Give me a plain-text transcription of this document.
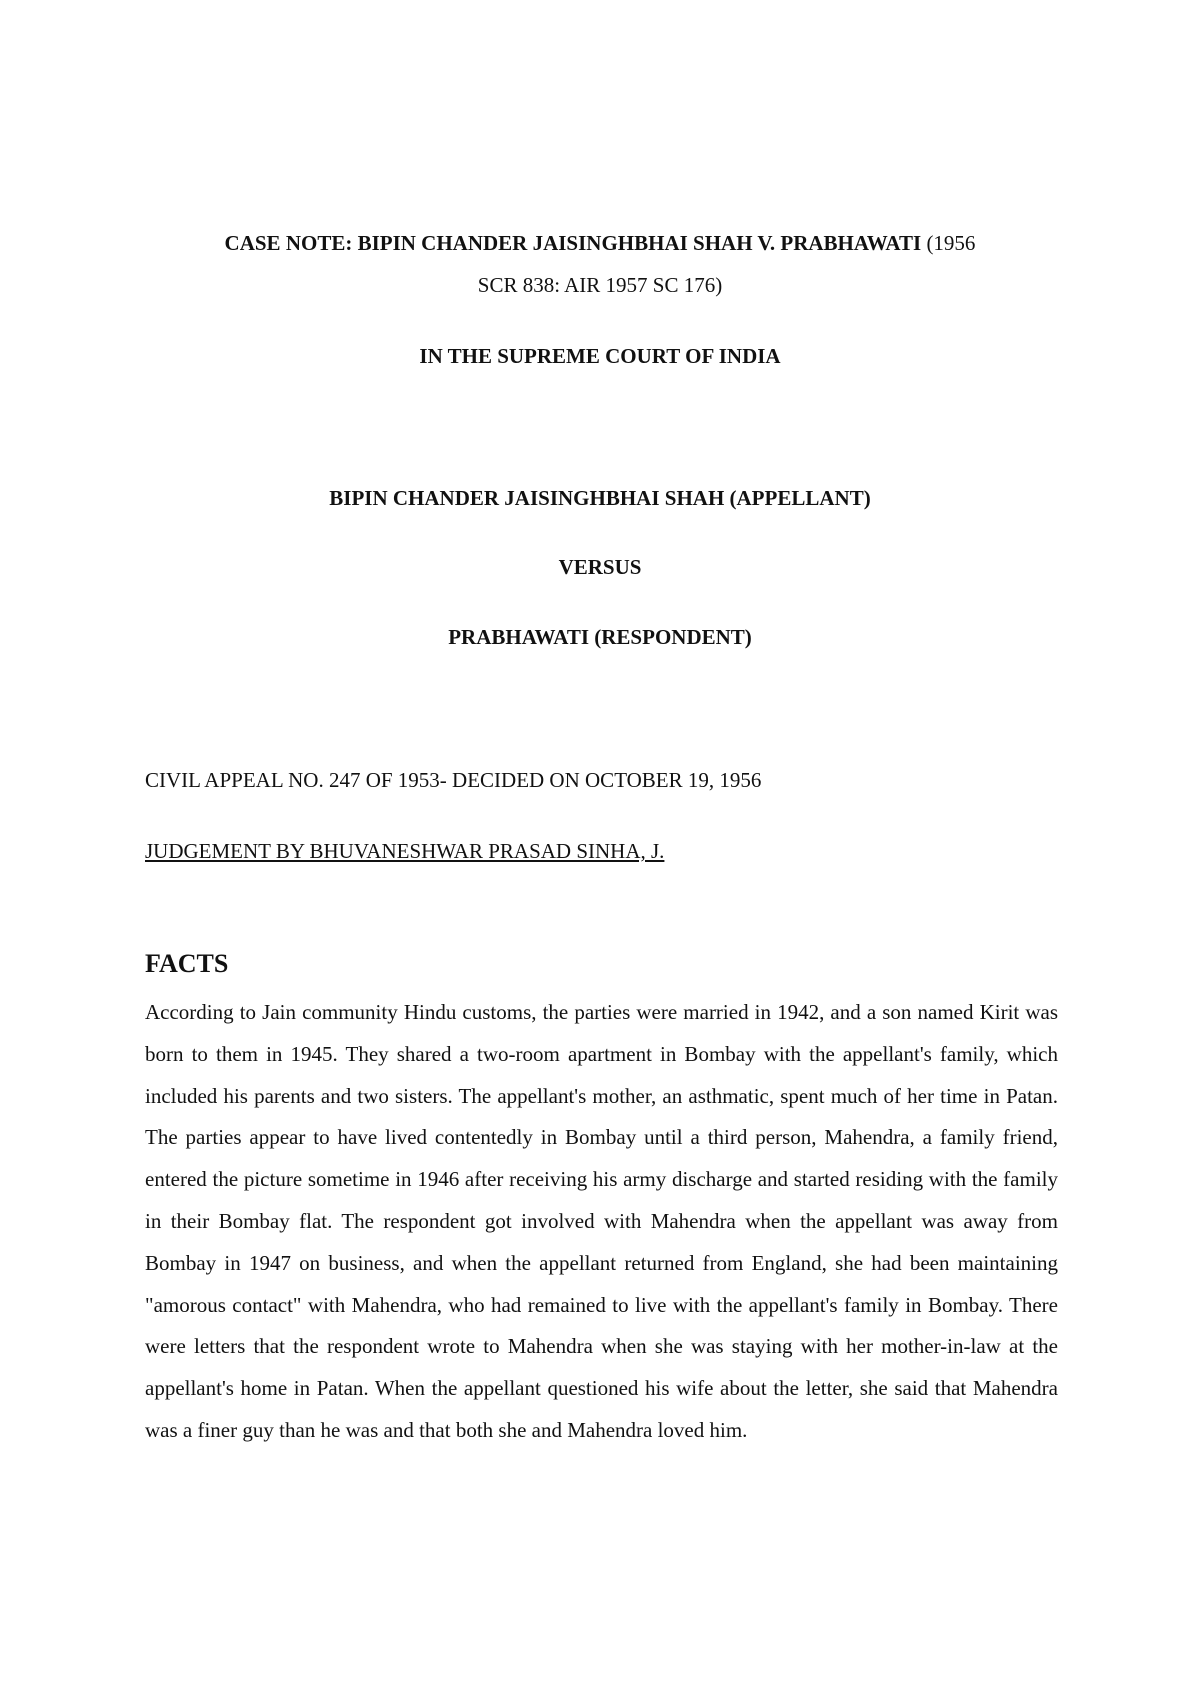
CASE NOTE: BIPIN CHANDER JAISINGHBHAI SHAH V. PRABHAWATI (1956
SCR 838: AIR 1957 SC 176)
IN THE SUPREME COURT OF INDIA
BIPIN CHANDER JAISINGHBHAI SHAH (APPELLANT)
VERSUS
PRABHAWATI (RESPONDENT)
CIVIL APPEAL NO. 247 OF 1953- DECIDED ON OCTOBER 19, 1956
JUDGEMENT BY BHUVANESHWAR PRASAD SINHA, J.
FACTS
According to Jain community Hindu customs, the parties were married in 1942, and a son named Kirit was born to them in 1945. They shared a two-room apartment in Bombay with the appellant's family, which included his parents and two sisters. The appellant's mother, an asthmatic, spent much of her time in Patan. The parties appear to have lived contentedly in Bombay until a third person, Mahendra, a family friend, entered the picture sometime in 1946 after receiving his army discharge and started residing with the family in their Bombay flat. The respondent got involved with Mahendra when the appellant was away from Bombay in 1947 on business, and when the appellant returned from England, she had been maintaining "amorous contact" with Mahendra, who had remained to live with the appellant's family in Bombay. There were letters that the respondent wrote to Mahendra when she was staying with her mother-in-law at the appellant's home in Patan. When the appellant questioned his wife about the letter, she said that Mahendra was a finer guy than he was and that both she and Mahendra loved him.
